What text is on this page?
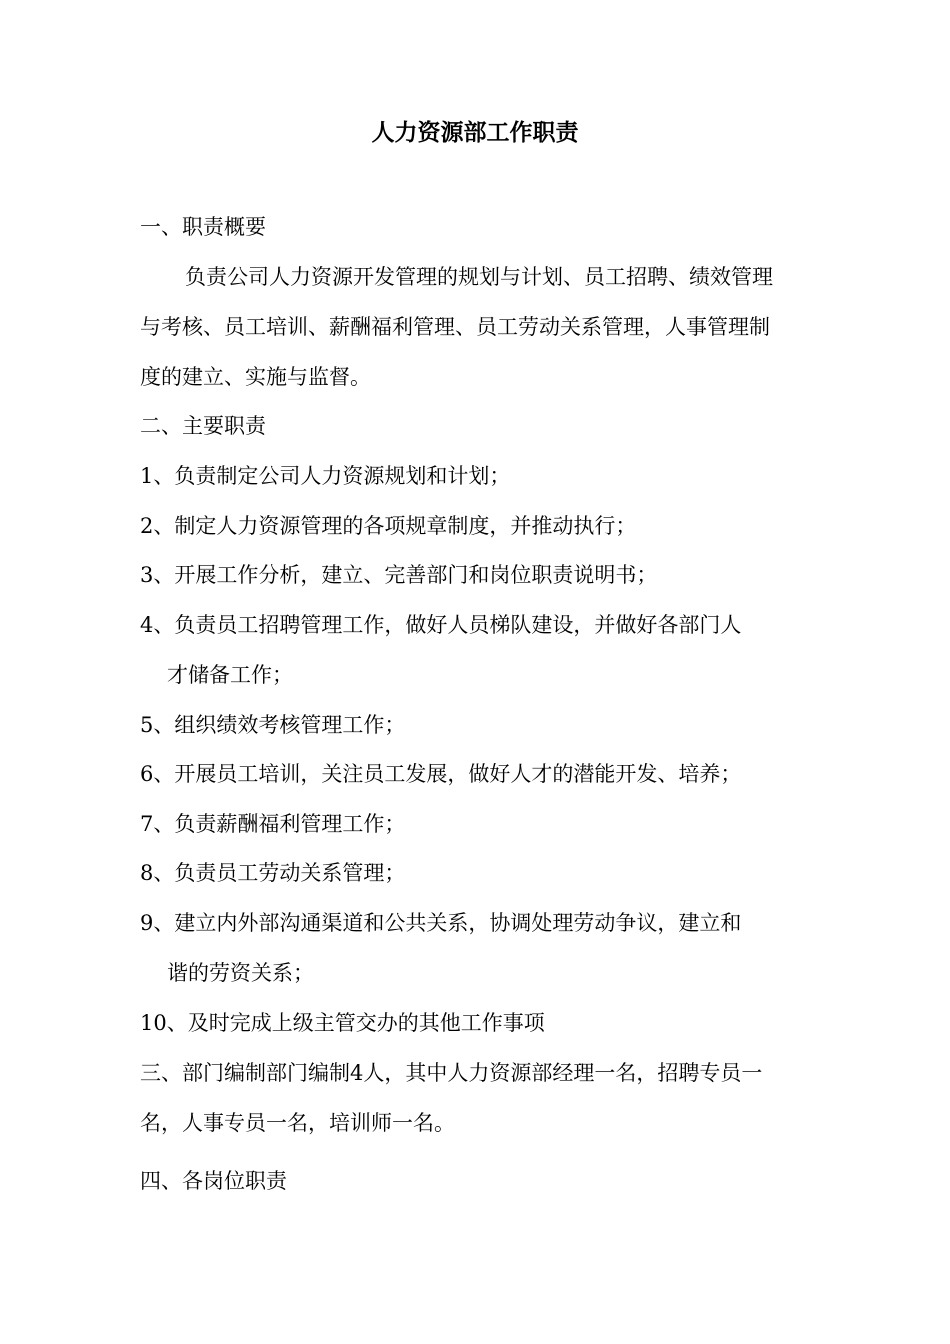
人力资源部工作职责

一、职责概要

负责公司人力资源开发管理的规划与计划、员工招聘、绩效管理

与考核、员工培训、薪酬福利管理、员工劳动关系管理，人事管理制

度的建立、实施与监督。

二、主要职责

1、负责制定公司人力资源规划和计划；

2、制定人力资源管理的各项规章制度，并推动执行；

3、开展工作分析，建立、完善部门和岗位职责说明书；

4、负责员工招聘管理工作，做好人员梯队建设，并做好各部门人

才储备工作；

5、组织绩效考核管理工作；

6、开展员工培训，关注员工发展，做好人才的潜能开发、培养；

7、负责薪酬福利管理工作；

8、负责员工劳动关系管理；

9、建立内外部沟通渠道和公共关系，协调处理劳动争议，建立和

谐的劳资关系；

10、及时完成上级主管交办的其他工作事项

三、部门编制部门编制4人，其中人力资源部经理一名，招聘专员一

名，人事专员一名，培训师一名。

四、各岗位职责
